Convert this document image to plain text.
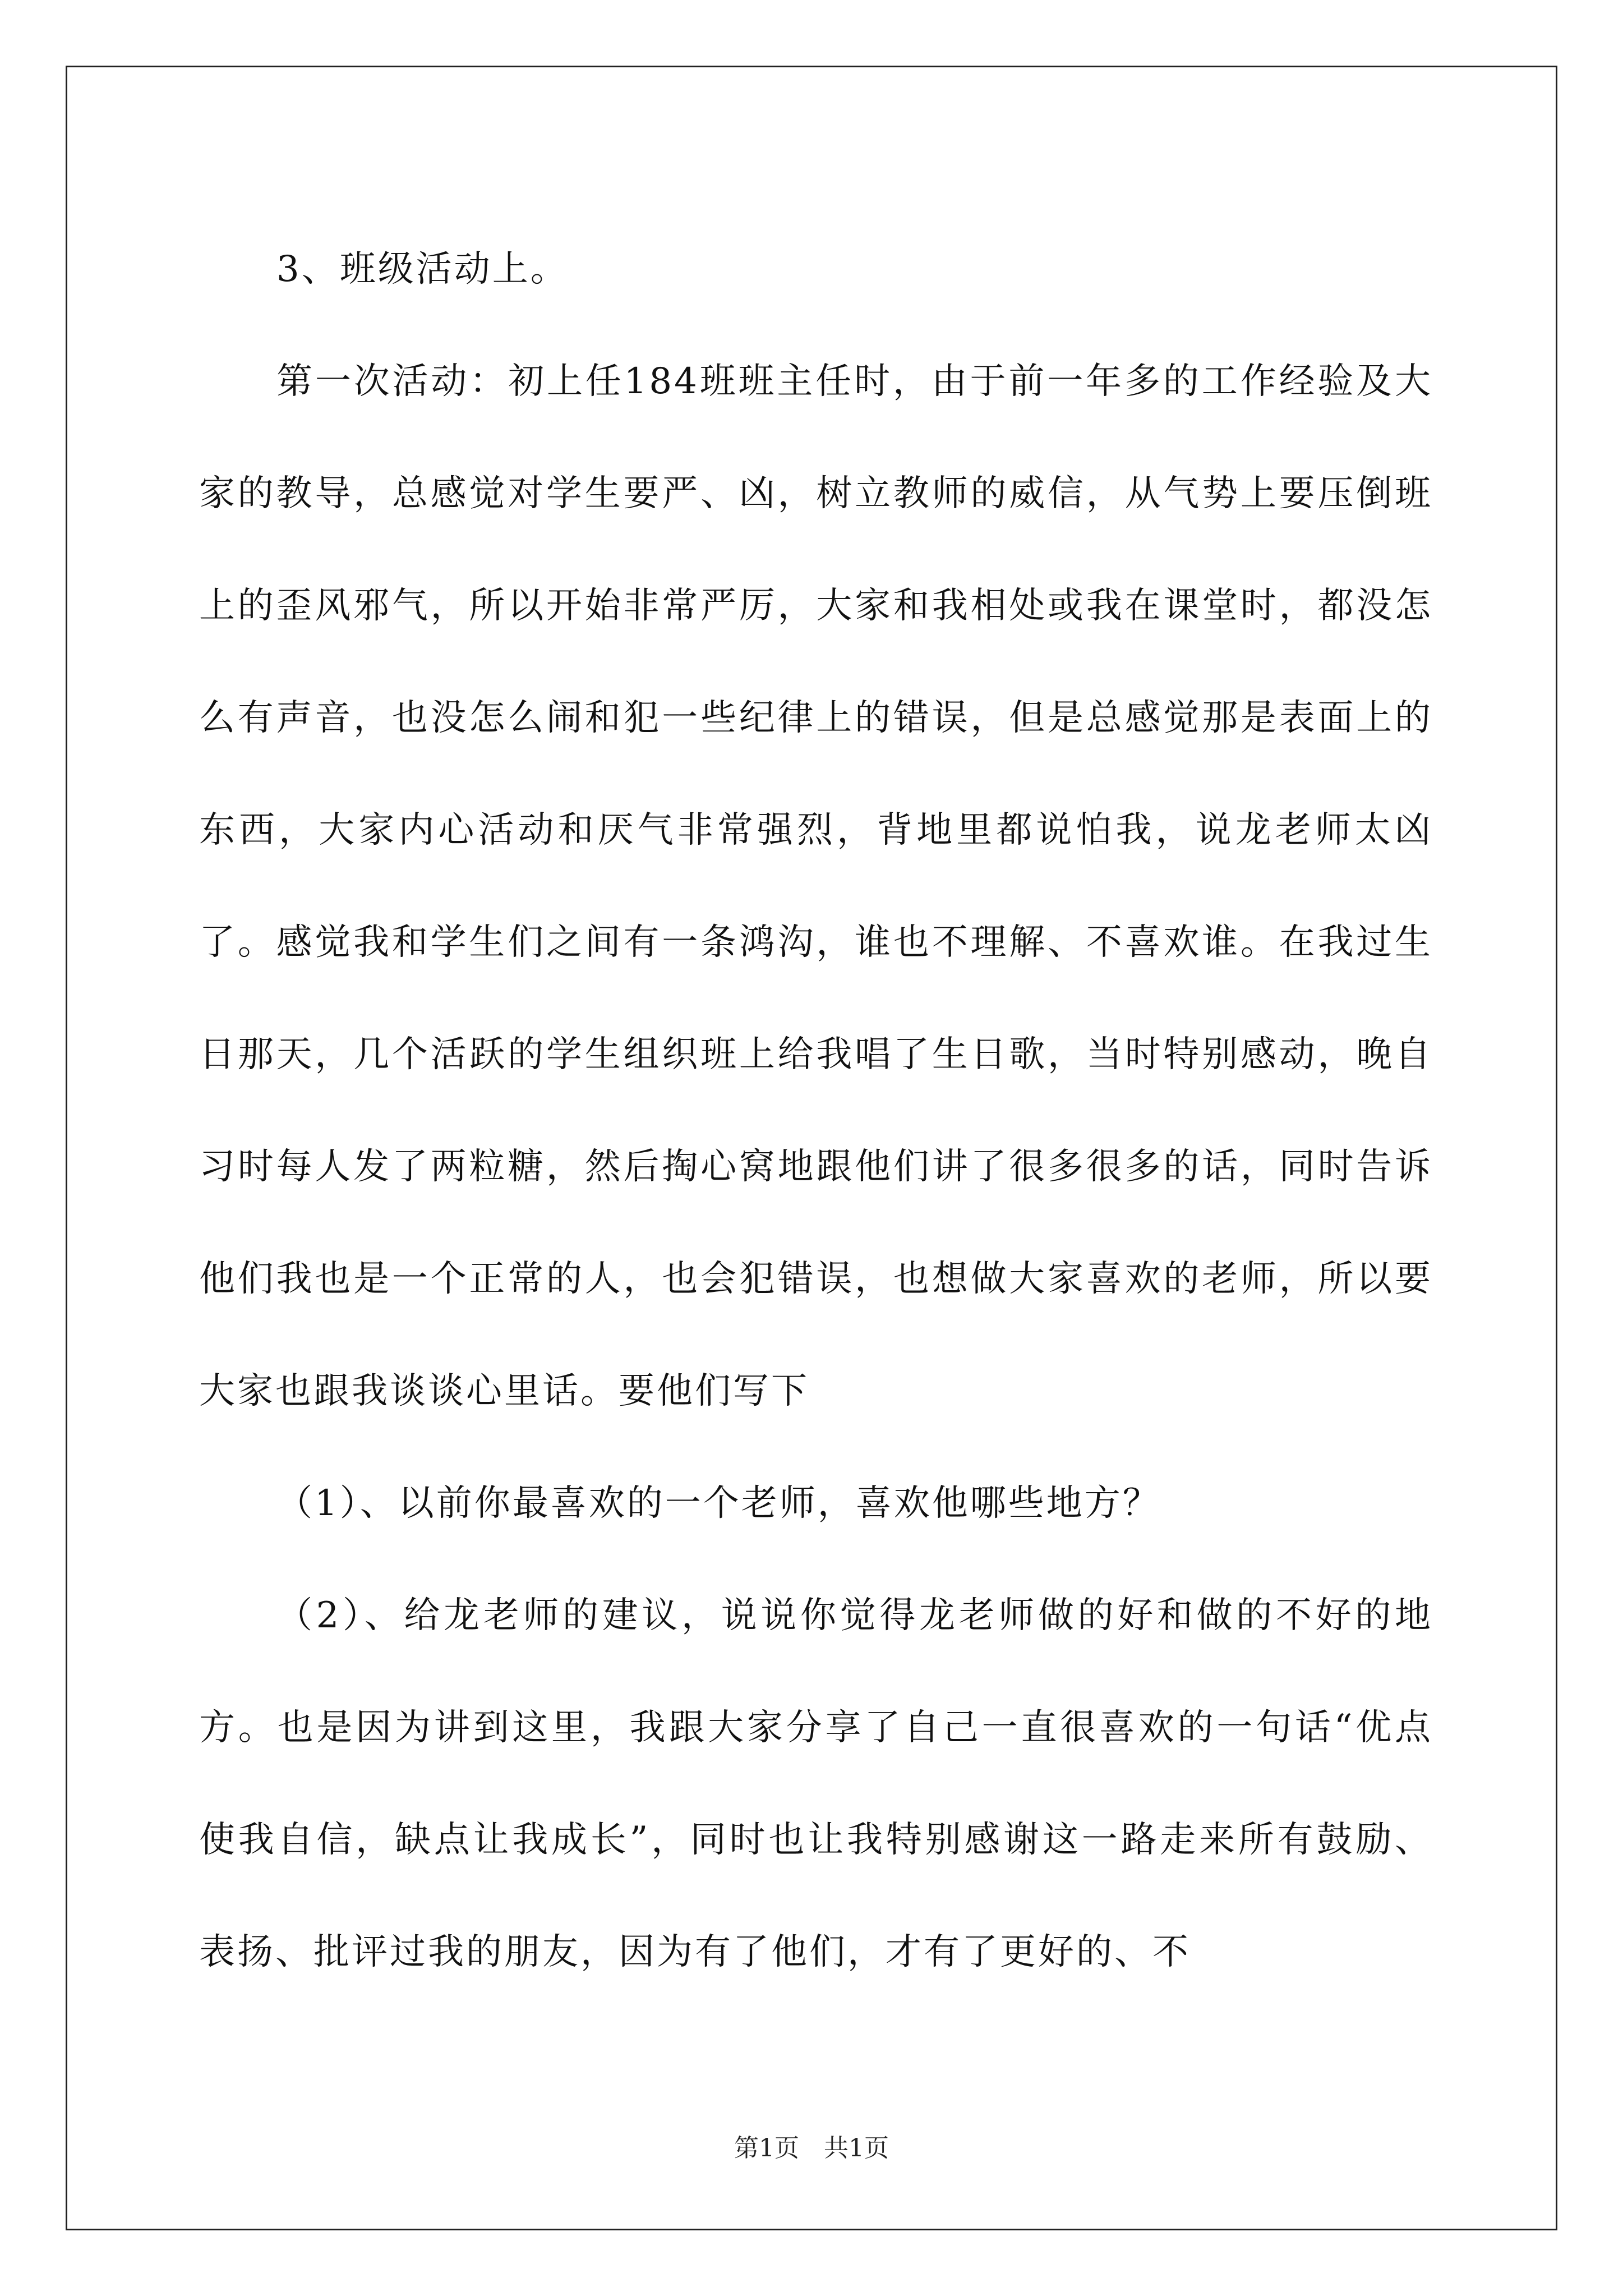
3、班级活动上。

第一次活动：初上任184班班主任时，由于前一年多的工作经验及大家的教导，总感觉对学生要严、凶，树立教师的威信，从气势上要压倒班上的歪风邪气，所以开始非常严厉，大家和我相处或我在课堂时，都没怎么有声音，也没怎么闹和犯一些纪律上的错误，但是总感觉那是表面上的东西，大家内心活动和厌气非常强烈，背地里都说怕我，说龙老师太凶了。感觉我和学生们之间有一条鸿沟，谁也不理解、不喜欢谁。在我过生日那天，几个活跃的学生组织班上给我唱了生日歌，当时特别感动，晚自习时每人发了两粒糖，然后掏心窝地跟他们讲了很多很多的话，同时告诉他们我也是一个正常的人，也会犯错误，也想做大家喜欢的老师，所以要大家也跟我谈谈心里话。要他们写下

（1）、以前你最喜欢的一个老师，喜欢他哪些地方？

（2）、给龙老师的建议，说说你觉得龙老师做的好和做的不好的地方。也是因为讲到这里，我跟大家分享了自己一直很喜欢的一句话“优点使我自信，缺点让我成长”，同时也让我特别感谢这一路走来所有鼓励、表扬、批评过我的朋友，因为有了他们，才有了更好的、不

第1页　共1页
